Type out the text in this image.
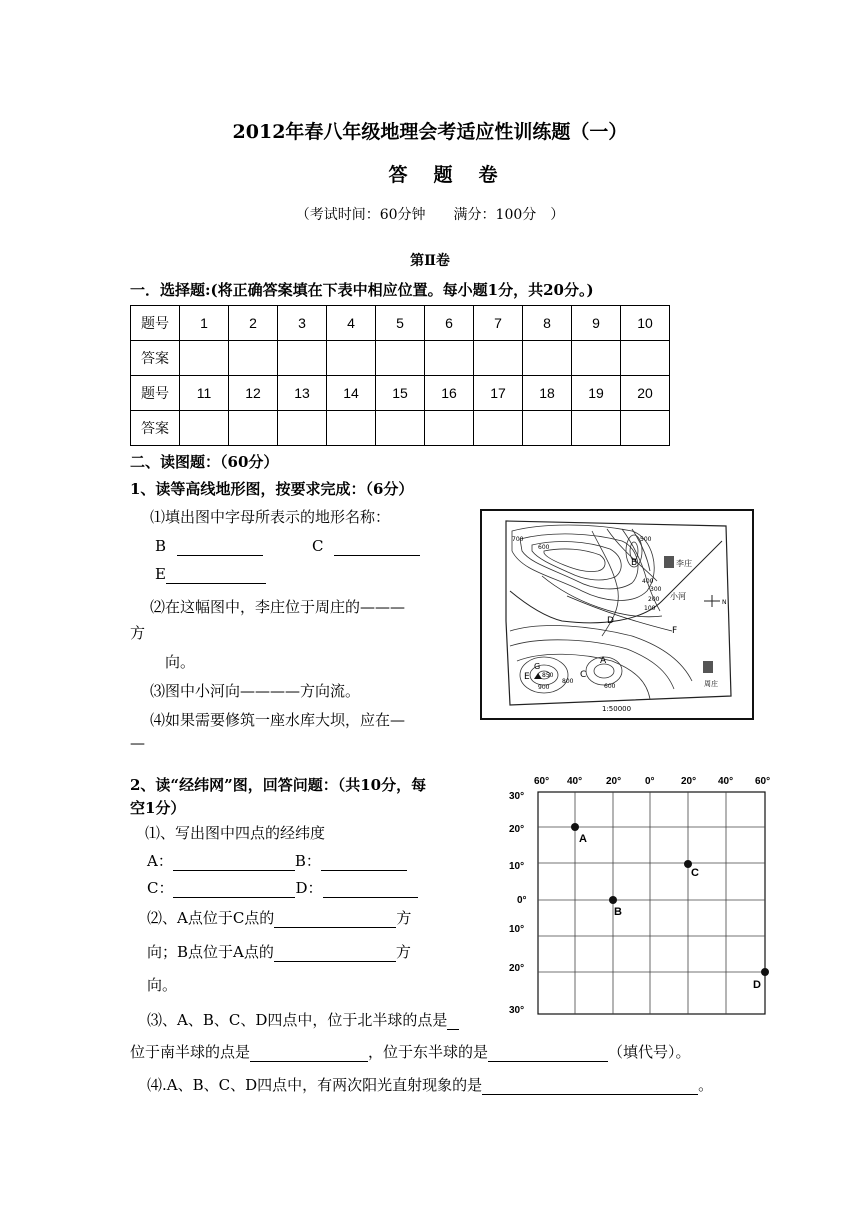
2012年春八年级地理会考适应性训练题（一）
答题卷
（考试时间：60分钟　　满分：100分　）
第Ⅱ卷
一．选择题:(将正确答案填在下表中相应位置。每小题1分，共20分。)
题号	1	2	3	4	5	6	7	8	9	10
答案										
题号	11	12	13	14	15	16	17	18	19	20
答案										
二、读图题：（60分）
1、读等高线地形图，按要求完成：（6分）
⑴填出图中字母所表示的地形名称：
B	C
E
⑵在这幅图中，李庄位于周庄的———
方
向。
⑶图中小河向————方向流。
⑷如果需要修筑一座水库大坝，应在—
—
B
D
F
C
A
E
G
李庄
周庄
小河
N
700
600
500
400
300
200
100
600
900
800
850
1:50000
2、读“经纬网”图，回答问题：（共10分，每
空1分）
⑴、写出图中四点的经纬度
A：	B：
C：	D：
⑵、A点位于C点的	方
向；B点位于A点的	方
向。
⑶、A、B、C、D四点中，位于北半球的点是
位于南半球的点是	，位于东半球的是	（填代号）。
⑷.A、B、C、D四点中，有两次阳光直射现象的是	。
60° 40° 20° 0°	20° 40° 60°
30°
20°
10°
0°
10°
20°
30°
A
B
C
D
